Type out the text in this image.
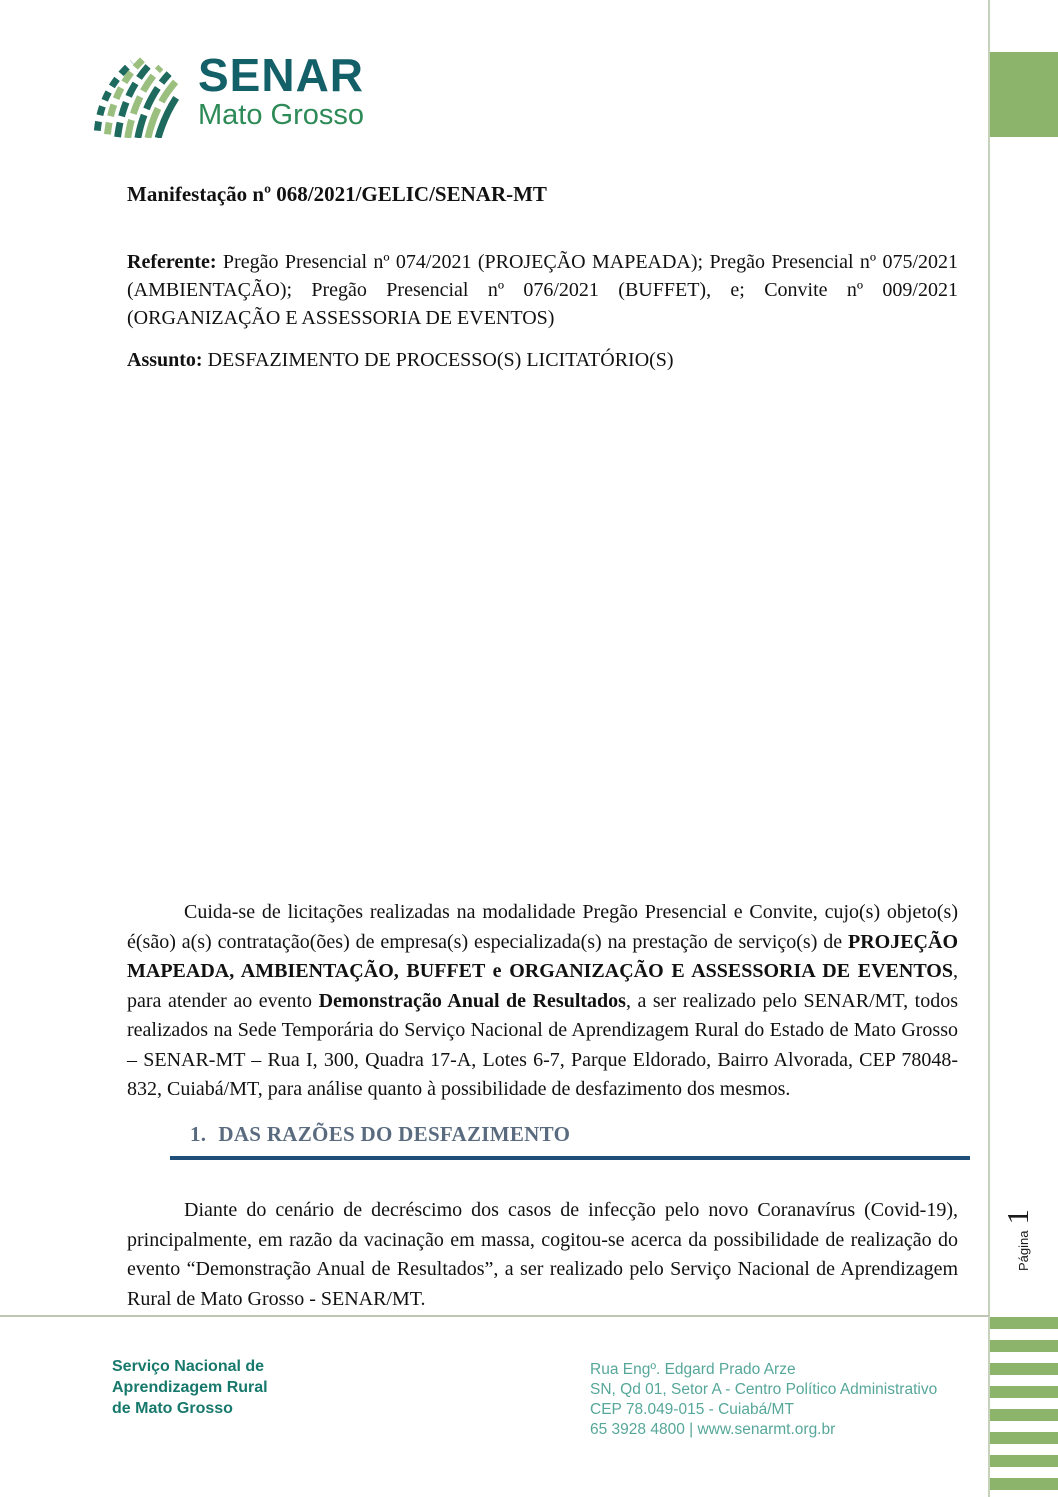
SENAR
Mato Grosso
Manifestação nº 068/2021/GELIC/SENAR-MT

Referente: Pregão Presencial nº 074/2021 (PROJEÇÃO MAPEADA); Pregão Presencial nº 075/2021 (AMBIENTAÇÃO); Pregão Presencial nº 076/2021 (BUFFET), e; Convite nº 009/2021 (ORGANIZAÇÃO E ASSESSORIA DE EVENTOS)

Assunto: DESFAZIMENTO DE PROCESSO(S) LICITATÓRIO(S)

Cuida-se de licitações realizadas na modalidade Pregão Presencial e Convite, cujo(s) objeto(s) é(são) a(s) contratação(ões) de empresa(s) especializada(s) na prestação de serviço(s) de PROJEÇÃO MAPEADA, AMBIENTAÇÃO, BUFFET e ORGANIZAÇÃO E ASSESSORIA DE EVENTOS, para atender ao evento Demonstração Anual de Resultados, a ser realizado pelo SENAR/MT, todos realizados na Sede Temporária do Serviço Nacional de Aprendizagem Rural do Estado de Mato Grosso – SENAR-MT – Rua I, 300, Quadra 17-A, Lotes 6-7, Parque Eldorado, Bairro Alvorada, CEP 78048-832, Cuiabá/MT, para análise quanto à possibilidade de desfazimento dos mesmos.

1. DAS RAZÕES DO DESFAZIMENTO

Diante do cenário de decréscimo dos casos de infecção pelo novo Coranavírus (Covid-19), principalmente, em razão da vacinação em massa, cogitou-se acerca da possibilidade de realização do evento “Demonstração Anual de Resultados”, a ser realizado pelo Serviço Nacional de Aprendizagem Rural de Mato Grosso - SENAR/MT.

Página
1
Serviço Nacional de
Aprendizagem Rural
de Mato Grosso
Rua Engº. Edgard Prado Arze
SN, Qd 01, Setor A - Centro Político Administrativo
CEP 78.049-015 - Cuiabá/MT
65 3928 4800 | www.senarmt.org.br
